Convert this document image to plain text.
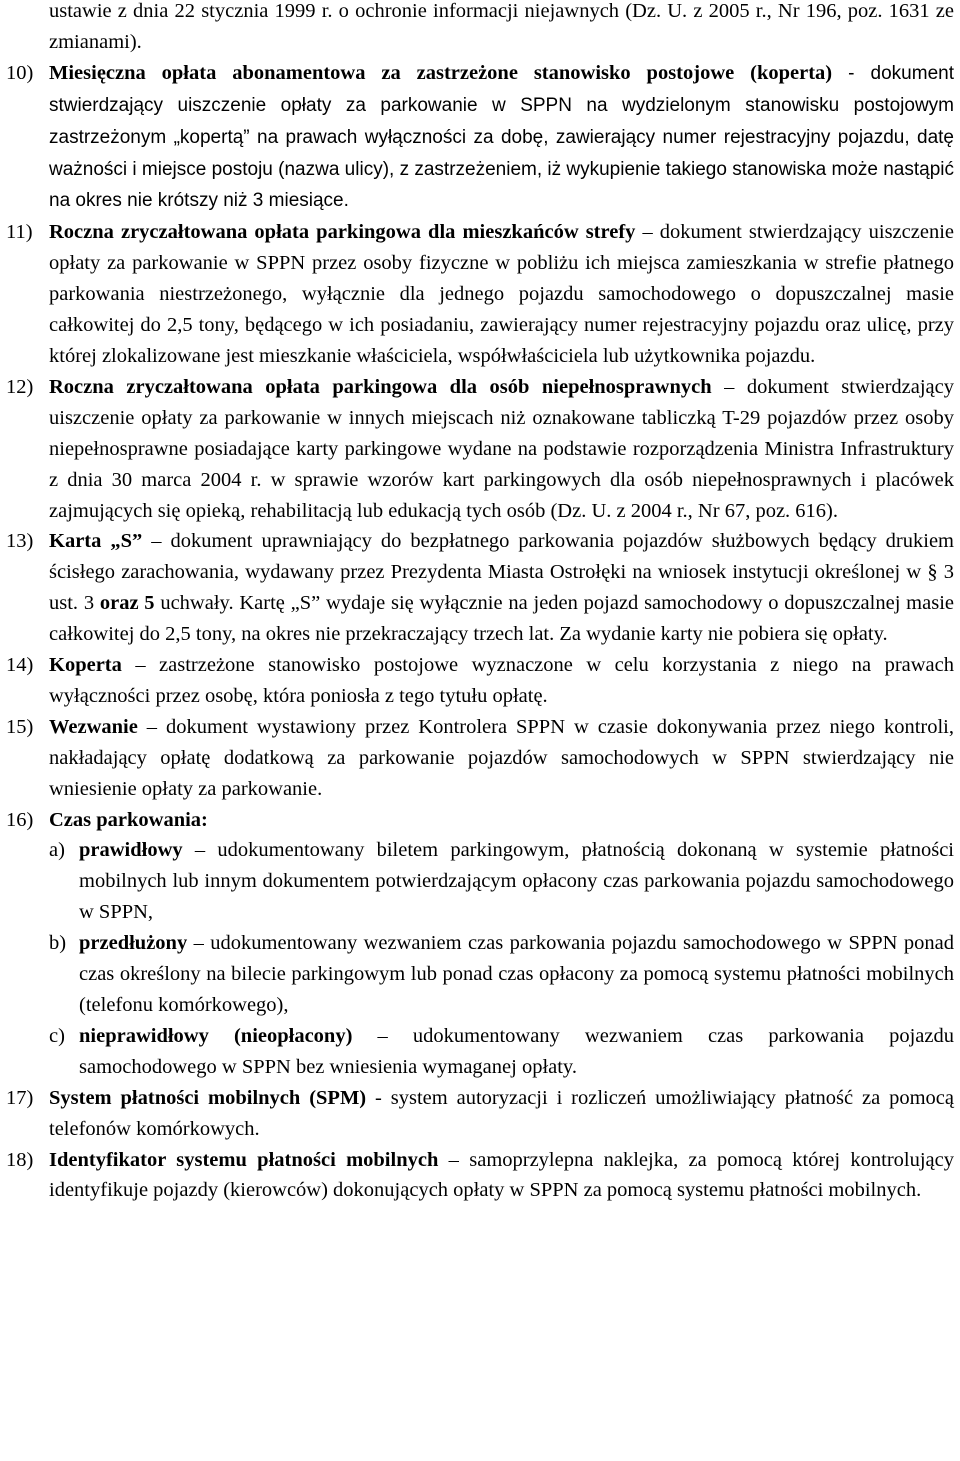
ustawie z dnia 22 stycznia 1999 r. o ochronie informacji niejawnych (Dz. U. z 2005 r., Nr 196, poz. 1631 ze zmianami).

10) Miesięczna opłata abonamentowa za zastrzeżone stanowisko postojowe (koperta) - dokument stwierdzający uiszczenie opłaty za parkowanie w SPPN na wydzielonym stanowisku postojowym zastrzeżonym „kopertą” na prawach wyłączności za dobę, zawierający numer rejestracyjny pojazdu, datę ważności i miejsce postoju (nazwa ulicy), z zastrzeżeniem, iż wykupienie takiego stanowiska może nastąpić na okres nie krótszy niż 3 miesiące.
11) Roczna zryczałtowana opłata parkingowa dla mieszkańców strefy – dokument stwierdzający uiszczenie opłaty za parkowanie w SPPN przez osoby fizyczne w pobliżu ich miejsca zamieszkania w strefie płatnego parkowania niestrzeżonego, wyłącznie dla jednego pojazdu samochodowego o dopuszczalnej masie całkowitej do 2,5 tony, będącego w ich posiadaniu, zawierający numer rejestracyjny pojazdu oraz ulicę, przy której zlokalizowane jest mieszkanie właściciela, współwłaściciela lub użytkownika pojazdu.
12) Roczna zryczałtowana opłata parkingowa dla osób niepełnosprawnych – dokument stwierdzający uiszczenie opłaty za parkowanie w innych miejscach niż oznakowane tabliczką T-29 pojazdów przez osoby niepełnosprawne posiadające karty parkingowe wydane na podstawie rozporządzenia Ministra Infrastruktury z dnia 30 marca 2004 r. w sprawie wzorów kart parkingowych dla osób niepełnosprawnych i placówek zajmujących się opieką, rehabilitacją lub edukacją tych osób (Dz. U. z 2004 r., Nr 67, poz. 616).
13) Karta „S” – dokument uprawniający do bezpłatnego parkowania pojazdów służbowych będący drukiem ścisłego zarachowania, wydawany przez Prezydenta Miasta Ostrołęki na wniosek instytucji określonej w § 3 ust. 3 oraz 5 uchwały. Kartę „S” wydaje się wyłącznie na jeden pojazd samochodowy o dopuszczalnej masie całkowitej do 2,5 tony, na okres nie przekraczający trzech lat. Za wydanie karty nie pobiera się opłaty.
14) Koperta – zastrzeżone stanowisko postojowe wyznaczone w celu korzystania z niego na prawach wyłączności przez osobę, która poniosła z tego tytułu opłatę.
15) Wezwanie – dokument wystawiony przez Kontrolera SPPN w czasie dokonywania przez niego kontroli, nakładający opłatę dodatkową za parkowanie pojazdów samochodowych w SPPN stwierdzający nie wniesienie opłaty za parkowanie.
16) Czas parkowania:
a) prawidłowy – udokumentowany biletem parkingowym, płatnością dokonaną w systemie płatności mobilnych lub innym dokumentem potwierdzającym opłacony czas parkowania pojazdu samochodowego w SPPN,
b) przedłużony – udokumentowany wezwaniem czas parkowania pojazdu samochodowego w SPPN ponad czas określony na bilecie parkingowym lub ponad czas opłacony za pomocą systemu płatności mobilnych (telefonu komórkowego),
c) nieprawidłowy (nieopłacony) – udokumentowany wezwaniem czas parkowania pojazdu samochodowego w SPPN bez wniesienia wymaganej opłaty.
17) System płatności mobilnych (SPM) - system autoryzacji i rozliczeń umożliwiający płatność za pomocą telefonów komórkowych.
18) Identyfikator systemu płatności mobilnych – samoprzylepna naklejka, za pomocą której kontrolujący identyfikuje pojazdy (kierowców) dokonujących opłaty w SPPN za pomocą systemu płatności mobilnych.
